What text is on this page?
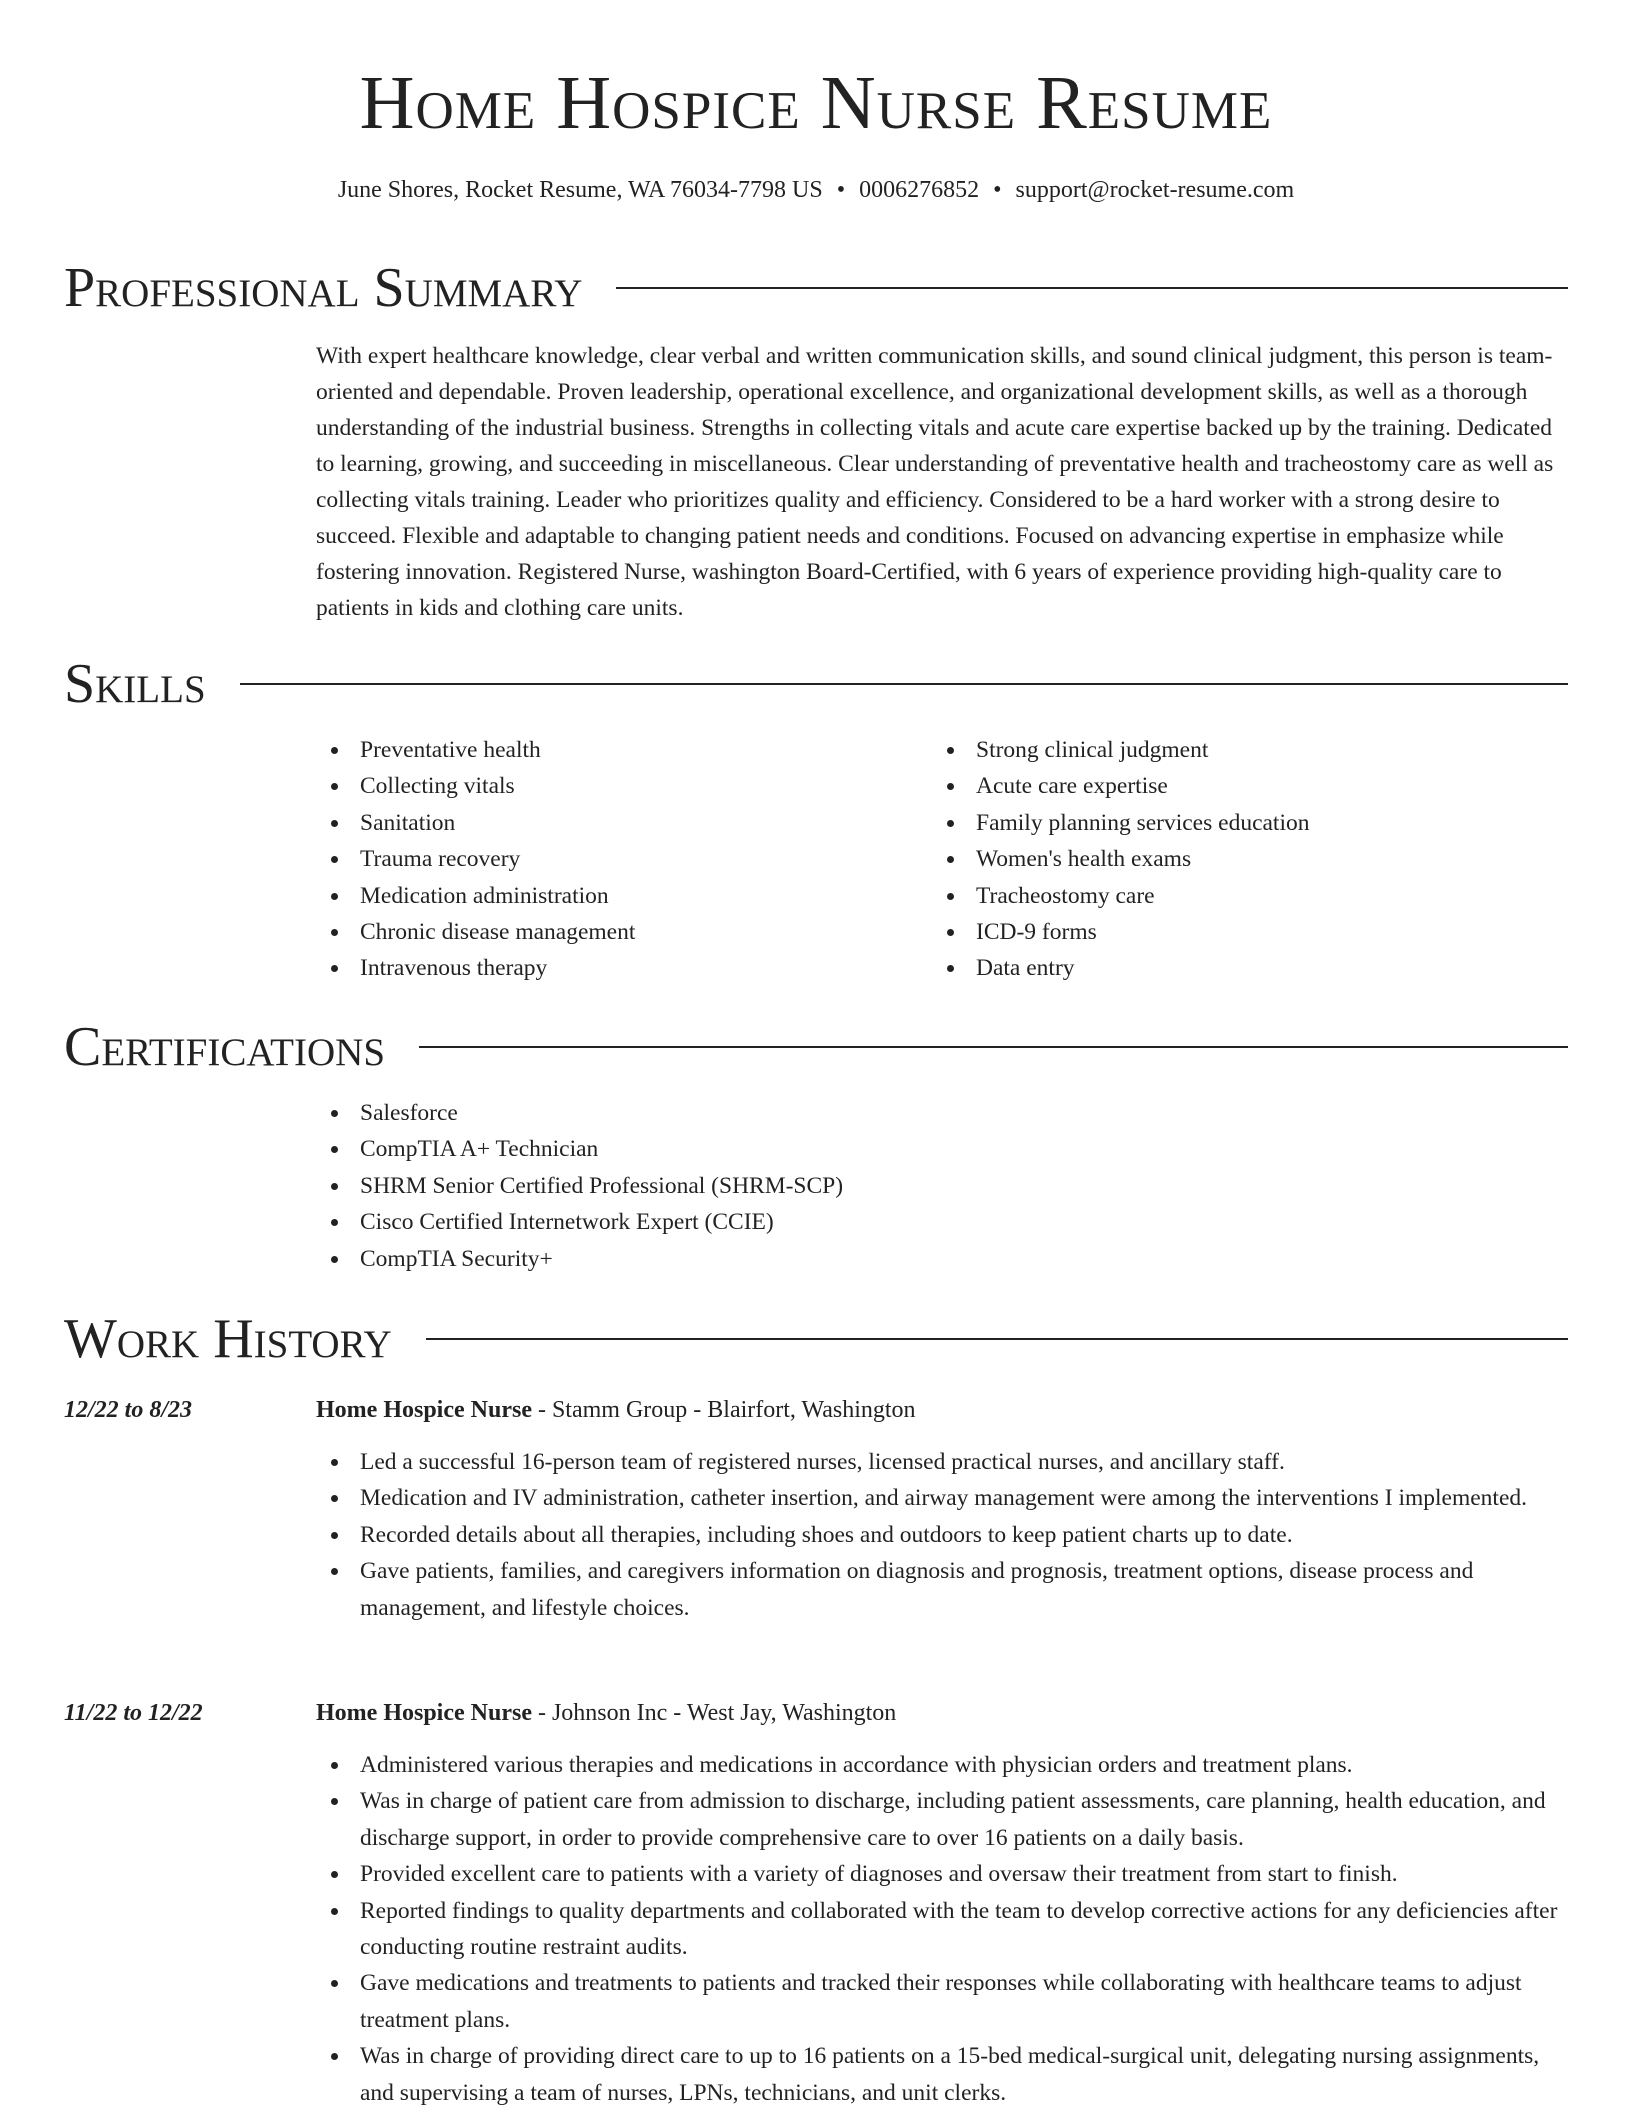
Home Hospice Nurse Resume
June Shores, Rocket Resume, WA 76034-7798 US • 0006276852 • support@rocket-resume.com
Professional Summary

With expert healthcare knowledge, clear verbal and written communication skills, and sound clinical judgment, this person is team-oriented and dependable. Proven leadership, operational excellence, and organizational development skills, as well as a thorough understanding of the industrial business. Strengths in collecting vitals and acute care expertise backed up by the training. Dedicated to learning, growing, and succeeding in miscellaneous. Clear understanding of preventative health and tracheostomy care as well as collecting vitals training. Leader who prioritizes quality and efficiency. Considered to be a hard worker with a strong desire to succeed. Flexible and adaptable to changing patient needs and conditions. Focused on advancing expertise in emphasize while fostering innovation. Registered Nurse, washington Board-Certified, with 6 years of experience providing high-quality care to patients in kids and clothing care units.

Skills
Preventative health
Collecting vitals
Sanitation
Trauma recovery
Medication administration
Chronic disease management
Intravenous therapy
Strong clinical judgment
Acute care expertise
Family planning services education
Women's health exams
Tracheostomy care
ICD-9 forms
Data entry
Certifications
Salesforce
CompTIA A+ Technician
SHRM Senior Certified Professional (SHRM-SCP)
Cisco Certified Internetwork Expert (CCIE)
CompTIA Security+
Work History
12/22 to 8/23	Home Hospice Nurse - Stamm Group - Blairfort, Washington
Led a successful 16-person team of registered nurses, licensed practical nurses, and ancillary staff.
Medication and IV administration, catheter insertion, and airway management were among the interventions I implemented.
Recorded details about all therapies, including shoes and outdoors to keep patient charts up to date.
Gave patients, families, and caregivers information on diagnosis and prognosis, treatment options, disease process and management, and lifestyle choices.
11/22 to 12/22	Home Hospice Nurse - Johnson Inc - West Jay, Washington
Administered various therapies and medications in accordance with physician orders and treatment plans.
Was in charge of patient care from admission to discharge, including patient assessments, care planning, health education, and discharge support, in order to provide comprehensive care to over 16 patients on a daily basis.
Provided excellent care to patients with a variety of diagnoses and oversaw their treatment from start to finish.
Reported findings to quality departments and collaborated with the team to develop corrective actions for any deficiencies after conducting routine restraint audits.
Gave medications and treatments to patients and tracked their responses while collaborating with healthcare teams to adjust treatment plans.
Was in charge of providing direct care to up to 16 patients on a 15-bed medical-surgical unit, delegating nursing assignments, and supervising a team of nurses, LPNs, technicians, and unit clerks.
